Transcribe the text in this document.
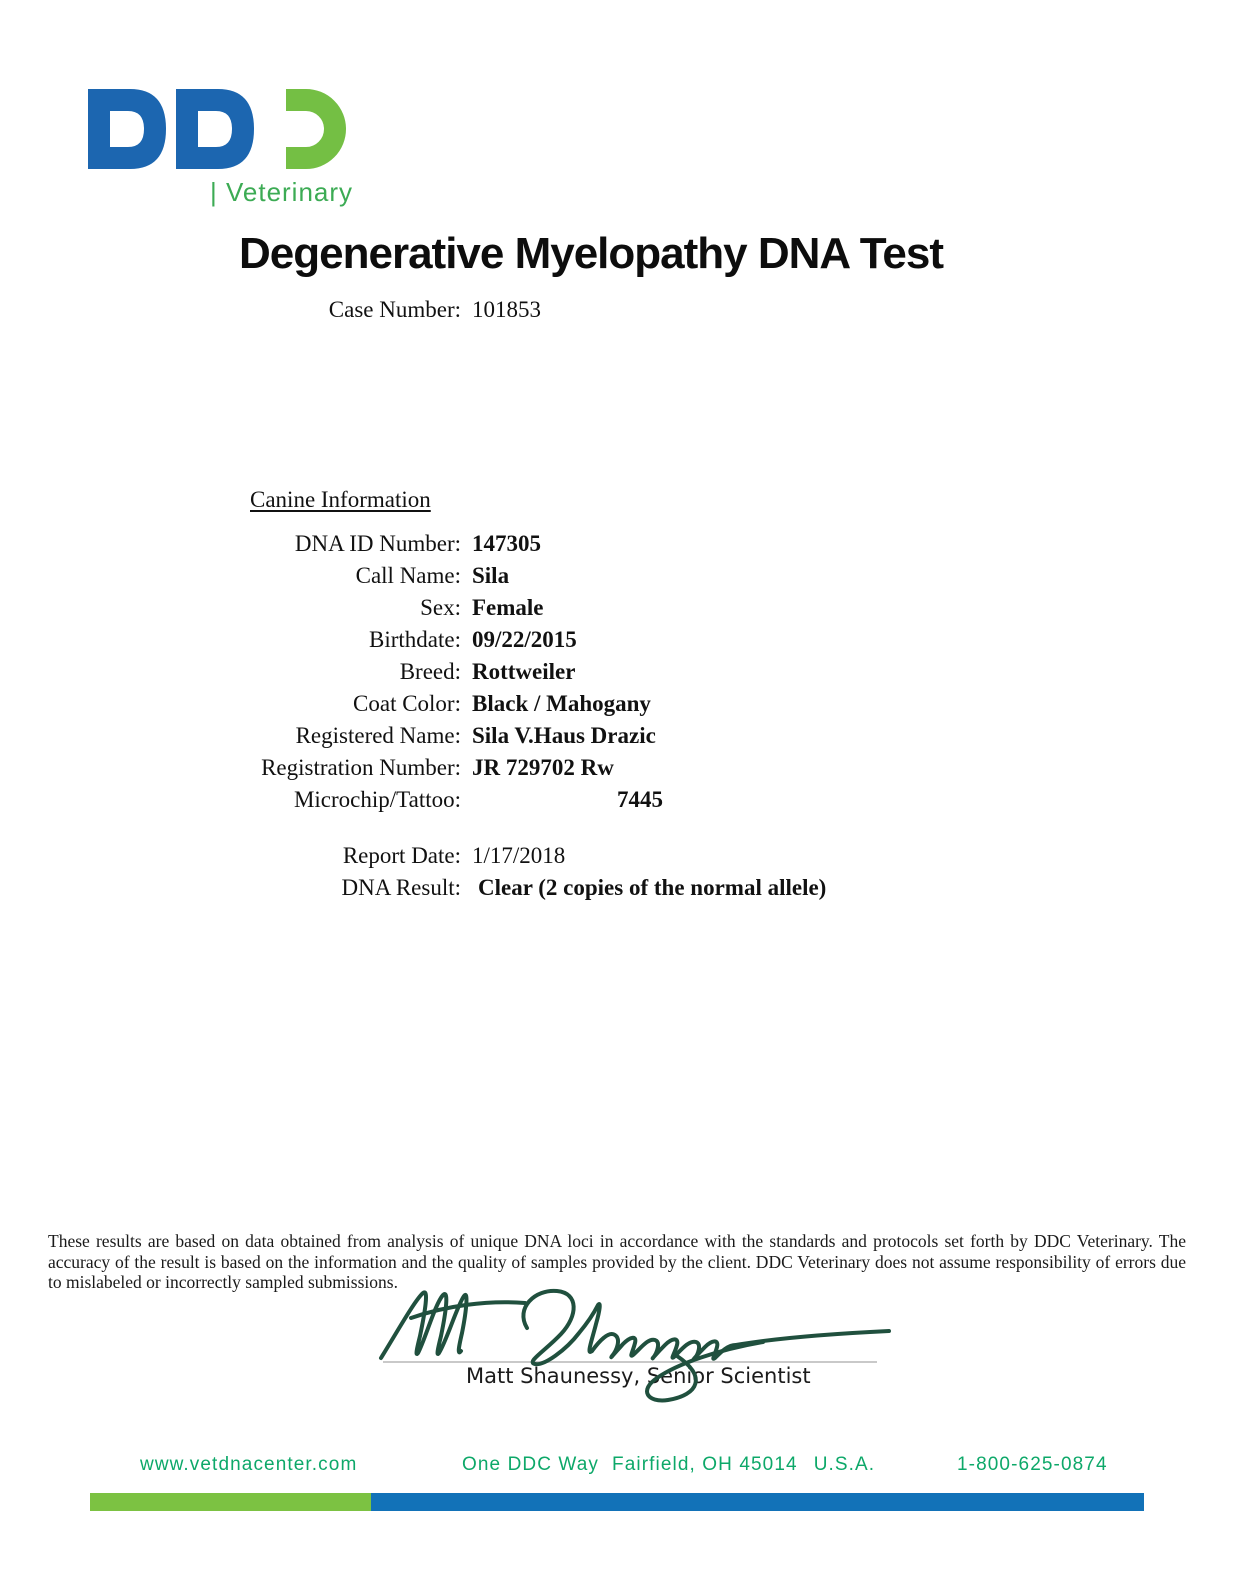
| Veterinary
Degenerative Myelopathy DNA Test
Case Number: 101853
Canine Information
DNA ID Number: 147305
Call Name: Sila
Sex: Female
Birthdate: 09/22/2015
Breed: Rottweiler
Coat Color: Black / Mahogany
Registered Name: Sila V.Haus Drazic
Registration Number: JR 729702 Rw
Microchip/Tattoo:	7445
Report Date: 1/17/2018
DNA Result: Clear (2 copies of the normal allele)
These results are based on data obtained from analysis of unique DNA loci in accordance with the standards and protocols set forth by DDC Veterinary. The accuracy of the result is based on the information and the quality of samples provided by the client. DDC Veterinary does not assume responsibility of errors due to mislabeled or incorrectly sampled submissions.
Matt Shaunessy, Senior Scientist
www.vetdnacenter.com	One DDC Way Fairfield, OH 45014 U.S.A.	1-800-625-0874
